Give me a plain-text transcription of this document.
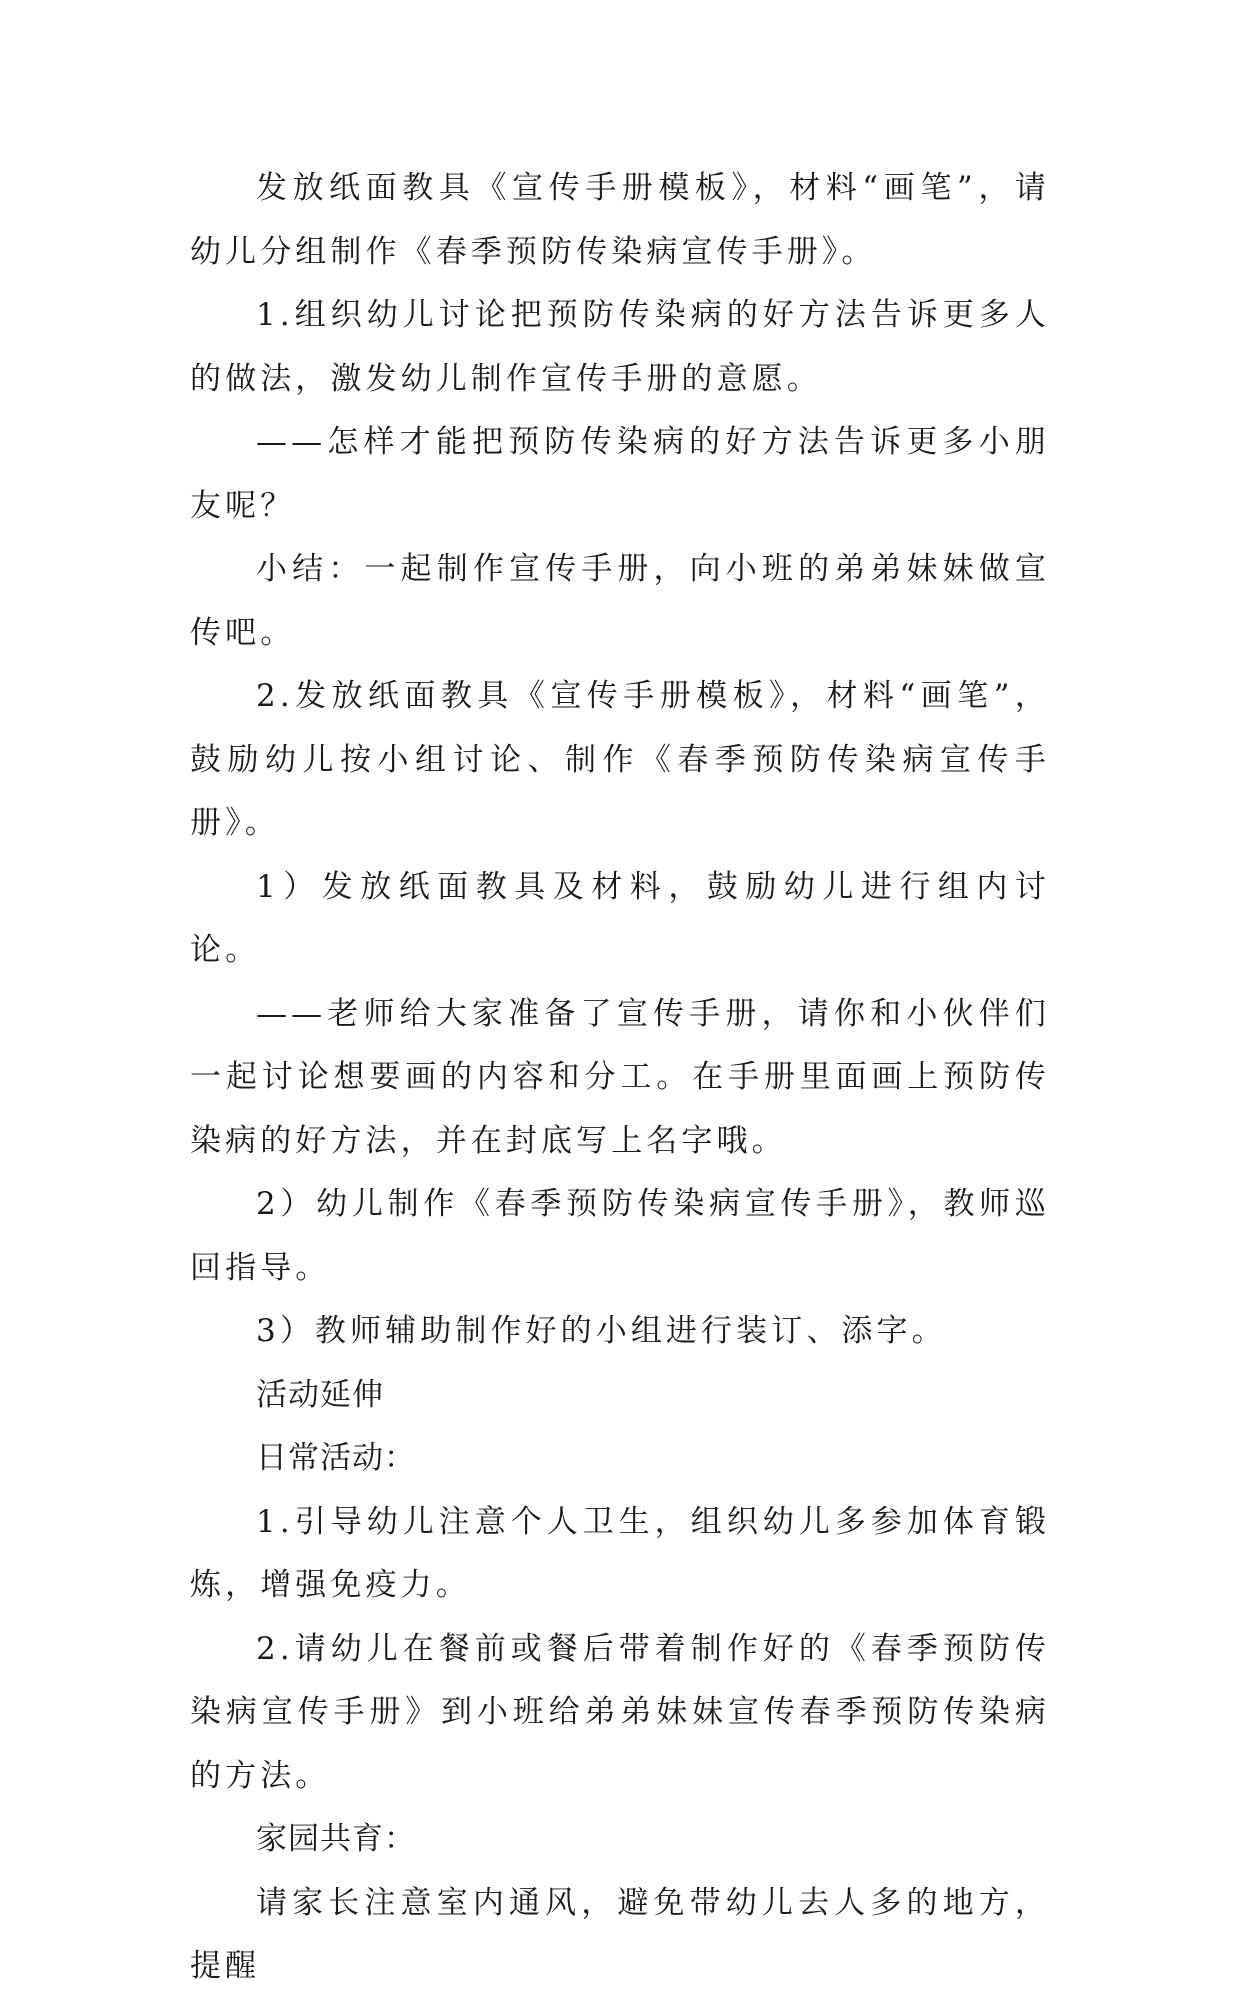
发放纸面教具《宣传手册模板》，材料“画笔”，请幼儿分组制作《春季预防传染病宣传手册》。

1.组织幼儿讨论把预防传染病的好方法告诉更多人的做法，激发幼儿制作宣传手册的意愿。

——怎样才能把预防传染病的好方法告诉更多小朋友呢？

小结：一起制作宣传手册，向小班的弟弟妹妹做宣传吧。

2.发放纸面教具《宣传手册模板》，材料“画笔”，鼓励幼儿按小组讨论、制作《春季预防传染病宣传手册》。

1）发放纸面教具及材料，鼓励幼儿进行组内讨论。

——老师给大家准备了宣传手册，请你和小伙伴们一起讨论想要画的内容和分工。在手册里面画上预防传染病的好方法，并在封底写上名字哦。

2）幼儿制作《春季预防传染病宣传手册》，教师巡回指导。

3）教师辅助制作好的小组进行装订、添字。

活动延伸

日常活动：

1.引导幼儿注意个人卫生，组织幼儿多参加体育锻炼，增强免疫力。

2.请幼儿在餐前或餐后带着制作好的《春季预防传染病宣传手册》到小班给弟弟妹妹宣传春季预防传染病的方法。

家园共育：

请家长注意室内通风，避免带幼儿去人多的地方，提醒
